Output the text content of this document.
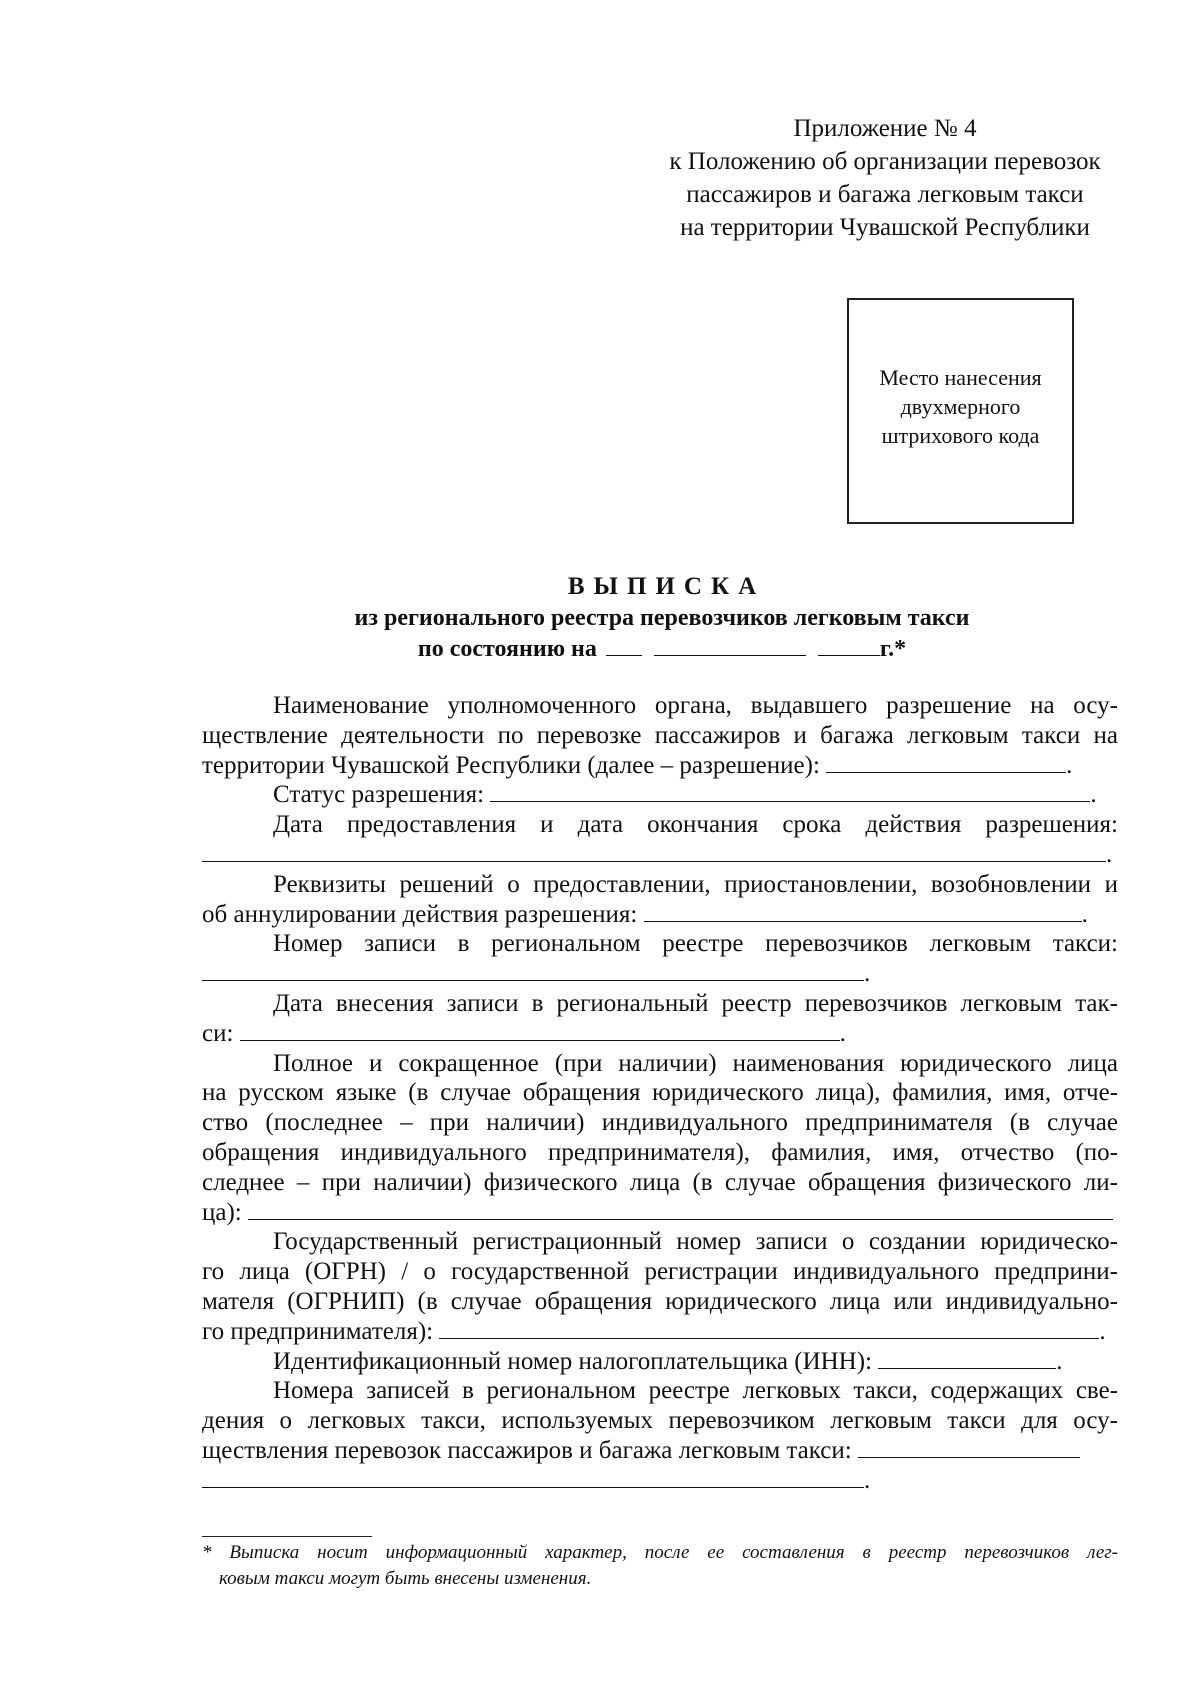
Приложение № 4
к Положению об организации перевозок
пассажиров и багажа легковым такси
на территории Чувашской Республики
Место нанесения
двухмерного
штрихового кода
ВЫПИСКА
из регионального реестра перевозчиков легковым такси
по состоянию на	г.*
Наименование уполномоченного органа, выдавшего разрешение на осу-
ществление деятельности по перевозке пассажиров и багажа легковым такси на
территории Чувашской Республики (далее – разрешение):	.
Статус разрешения:	.
Дата предоставления и дата окончания срока действия разрешения:
.
Реквизиты решений о предоставлении, приостановлении, возобновлении и
об аннулировании действия разрешения:	.
Номер записи в региональном реестре перевозчиков легковым такси:
.
Дата внесения записи в региональный реестр перевозчиков легковым так-
си:	.
Полное и сокращенное (при наличии) наименования юридического лица
на русском языке (в случае обращения юридического лица), фамилия, имя, отче-
ство (последнее – при наличии) индивидуального предпринимателя (в случае
обращения индивидуального предпринимателя), фамилия, имя, отчество (по-
следнее – при наличии) физического лица (в случае обращения физического ли-
ца):
Государственный регистрационный номер записи о создании юридическо-
го лица (ОГРН) / о государственной регистрации индивидуального предприни-
мателя (ОГРНИП) (в случае обращения юридического лица или индивидуально-
го предпринимателя):	.
Идентификационный номер налогоплательщика (ИНН):	.
Номера записей в региональном реестре легковых такси, содержащих све-
дения о легковых такси, используемых перевозчиком легковым такси для осу-
ществления перевозок пассажиров и багажа легковым такси:
.
* Выписка носит информационный характер, после ее составления в реестр перевозчиков лег-
ковым такси могут быть внесены изменения.
